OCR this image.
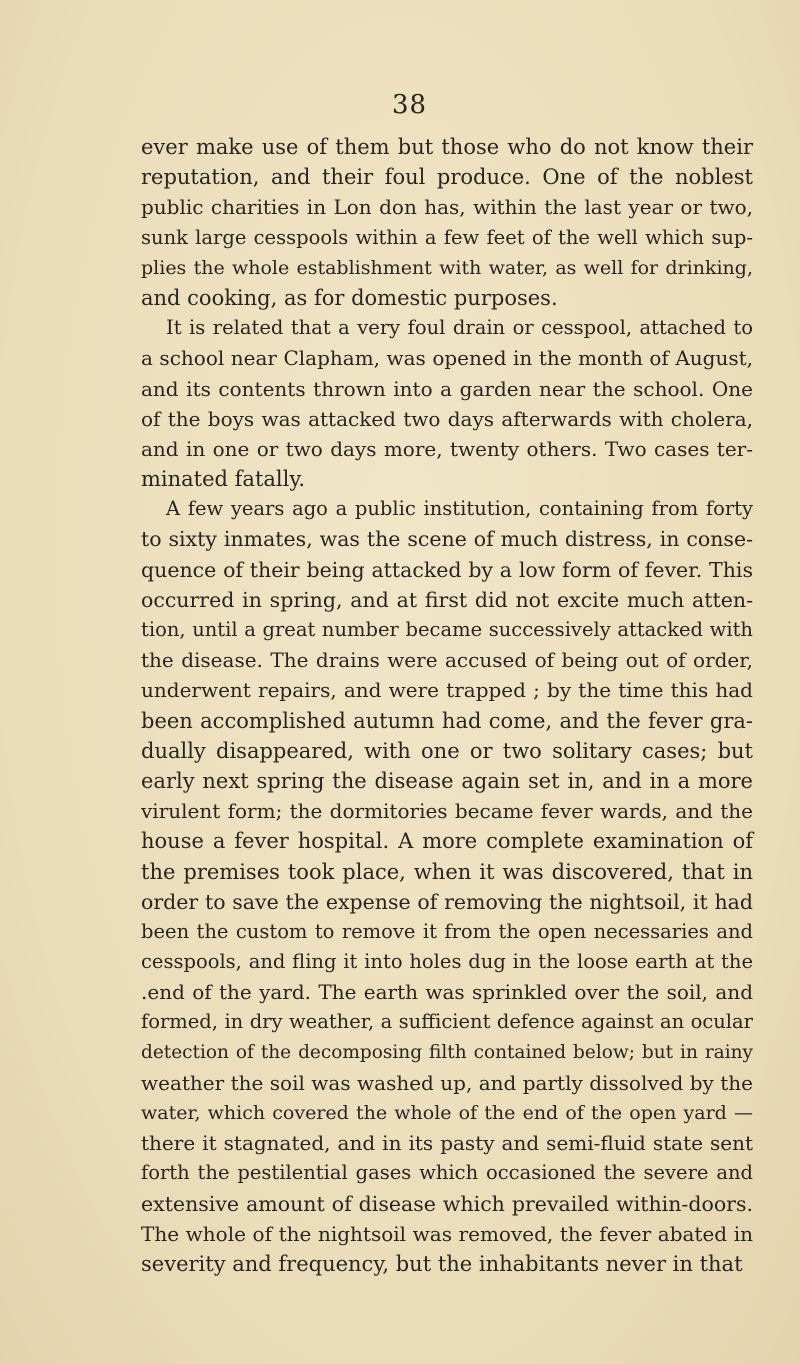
38
ever make use of them but those who do not know their
reputation, and their foul produce. One of the noblest
public charities in Lon don has, within the last year or two,
sunk large cesspools within a few feet of the well which sup-
plies the whole establishment with water, as well for drinking,
and cooking, as for domestic purposes.
It is related that a very foul drain or cesspool, attached to
a school near Clapham, was opened in the month of August,
and its contents thrown into a garden near the school. One
of the boys was attacked two days afterwards with cholera,
and in one or two days more, twenty others. Two cases ter-
minated fatally.
A few years ago a public institution, containing from forty
to sixty inmates, was the scene of much distress, in conse-
quence of their being attacked by a low form of fever. This
occurred in spring, and at first did not excite much atten-
tion, until a great number became successively attacked with
the disease. The drains were accused of being out of order,
underwent repairs, and were trapped ; by the time this had
been accomplished autumn had come, and the fever gra-
dually disappeared, with one or two solitary cases; but
early next spring the disease again set in, and in a more
virulent form; the dormitories became fever wards, and the
house a fever hospital. A more complete examination of
the premises took place, when it was discovered, that in
order to save the expense of removing the nightsoil, it had
been the custom to remove it from the open necessaries and
cesspools, and fling it into holes dug in the loose earth at the
.end of the yard. The earth was sprinkled over the soil, and
formed, in dry weather, a sufficient defence against an ocular
detection of the decomposing filth contained below; but in rainy
weather the soil was washed up, and partly dissolved by the
water, which covered the whole of the end of the open yard —
there it stagnated, and in its pasty and semi-fluid state sent
forth the pestilential gases which occasioned the severe and
extensive amount of disease which prevailed within-doors.
The whole of the nightsoil was removed, the fever abated in
severity and frequency, but the inhabitants never in that
